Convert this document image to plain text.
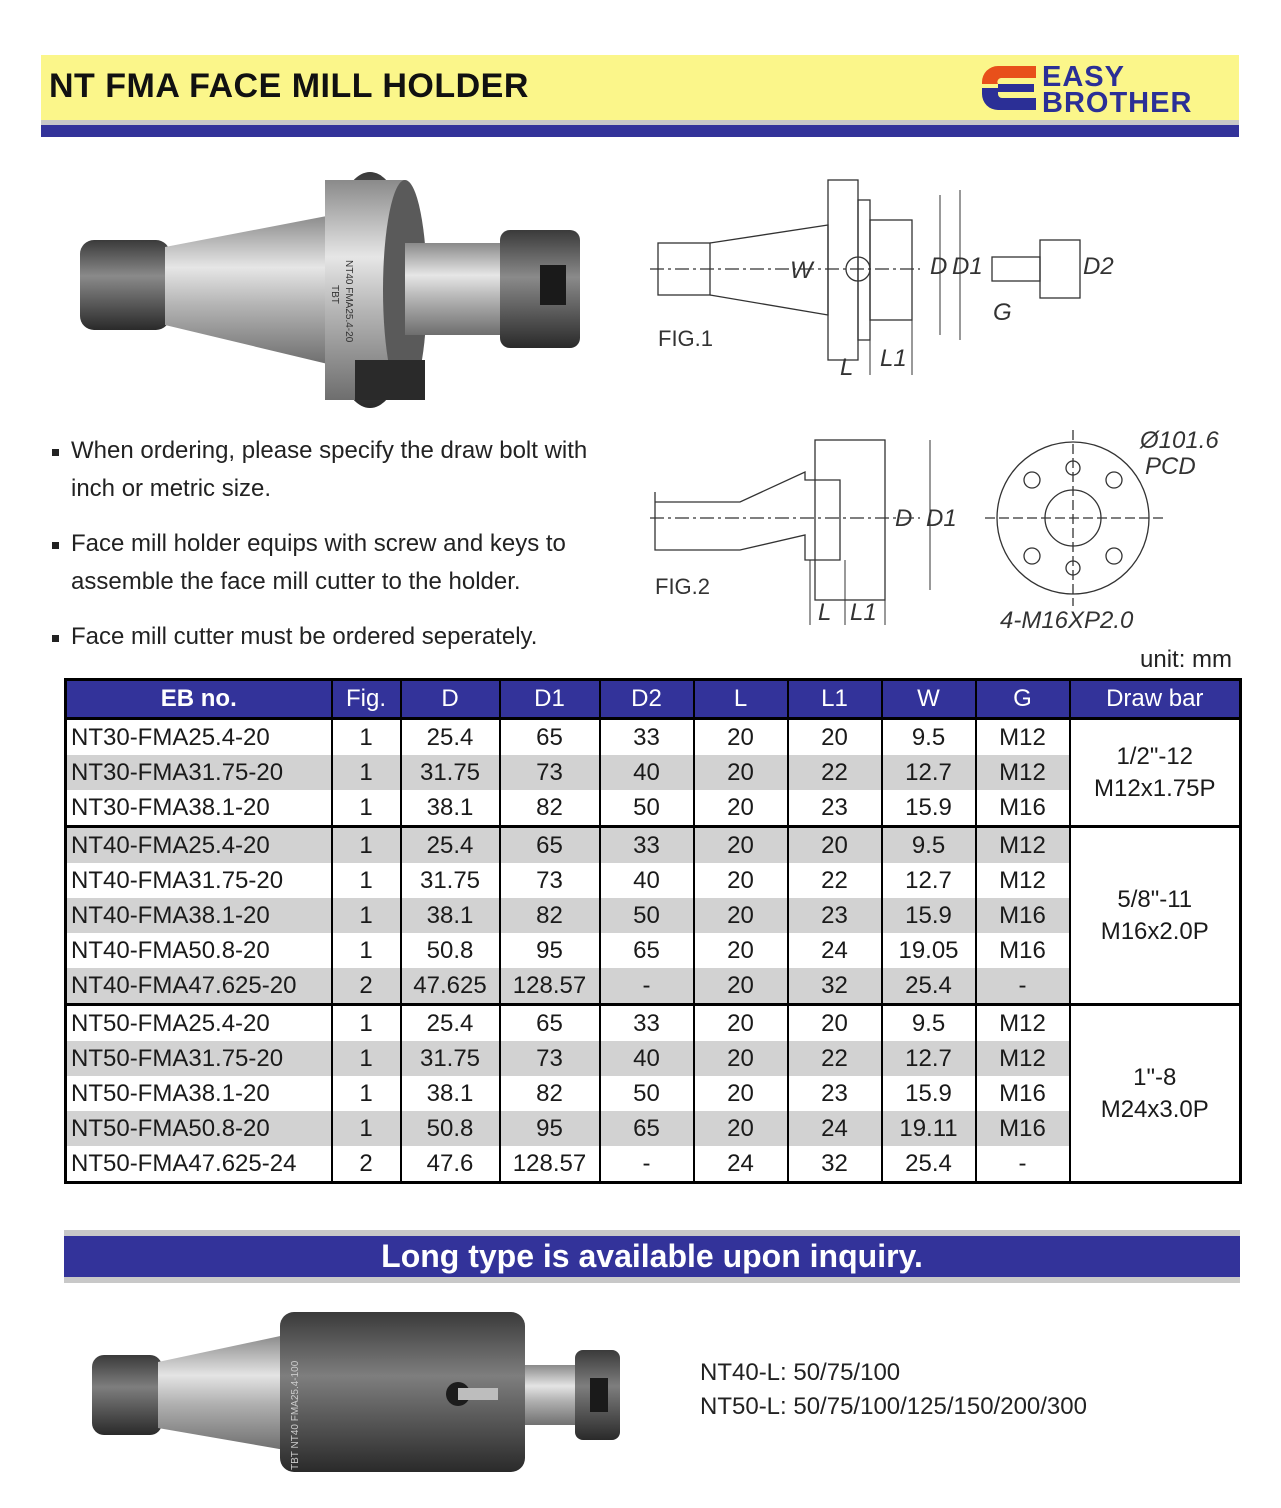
NT FMA FACE MILL HOLDER	EASY
BROTHER
TBT NT40 FMA25.4-20	W	D D1	D2
G
L L1
FIG.1
D D1
L L1
Ø101.6
PCD
4-M16XP2.0
FIG.2
When ordering, please specify the draw bolt with inch or metric size.
Face mill holder equips with screw and keys to assemble the face mill cutter to the holder.
Face mill cutter must be ordered seperately.
unit: mm
EB no.	Fig.	D	D1	D2	L	L1	W	G	Draw bar
NT30-FMA25.4-20	1	25.4	65	33	20	20	9.5	M12	1/2"-12
M12x1.75P

NT30-FMA31.75-20	1	31.75	73	40	20	22	12.7	M12	
NT30-FMA38.1-20	1	38.1	82	50	20	23	15.9	M16	
NT40-FMA25.4-20	1	25.4	65	33	20	20	9.5	M12	5/8"-11
M16x2.0P

NT40-FMA31.75-20	1	31.75	73	40	20	22	12.7	M12	
NT40-FMA38.1-20	1	38.1	82	50	20	23	15.9	M16	
NT40-FMA50.8-20	1	50.8	95	65	20	24	19.05	M16	
NT40-FMA47.625-20	2	47.625	128.57	-	20	32	25.4	-	
NT50-FMA25.4-20	1	25.4	65	33	20	20	9.5	M12	1"-8
M24x3.0P

NT50-FMA31.75-20	1	31.75	73	40	20	22	12.7	M12	
NT50-FMA38.1-20	1	38.1	82	50	20	23	15.9	M16	
NT50-FMA50.8-20	1	50.8	95	65	20	24	19.11	M16	
NT50-FMA47.625-24	2	47.6	128.57	-	24	32	25.4	-	
Long type is available upon inquiry.
TBT NT40 FMA25.4-100	NT40-L: 50/75/100
NT50-L: 50/75/100/125/150/200/300
